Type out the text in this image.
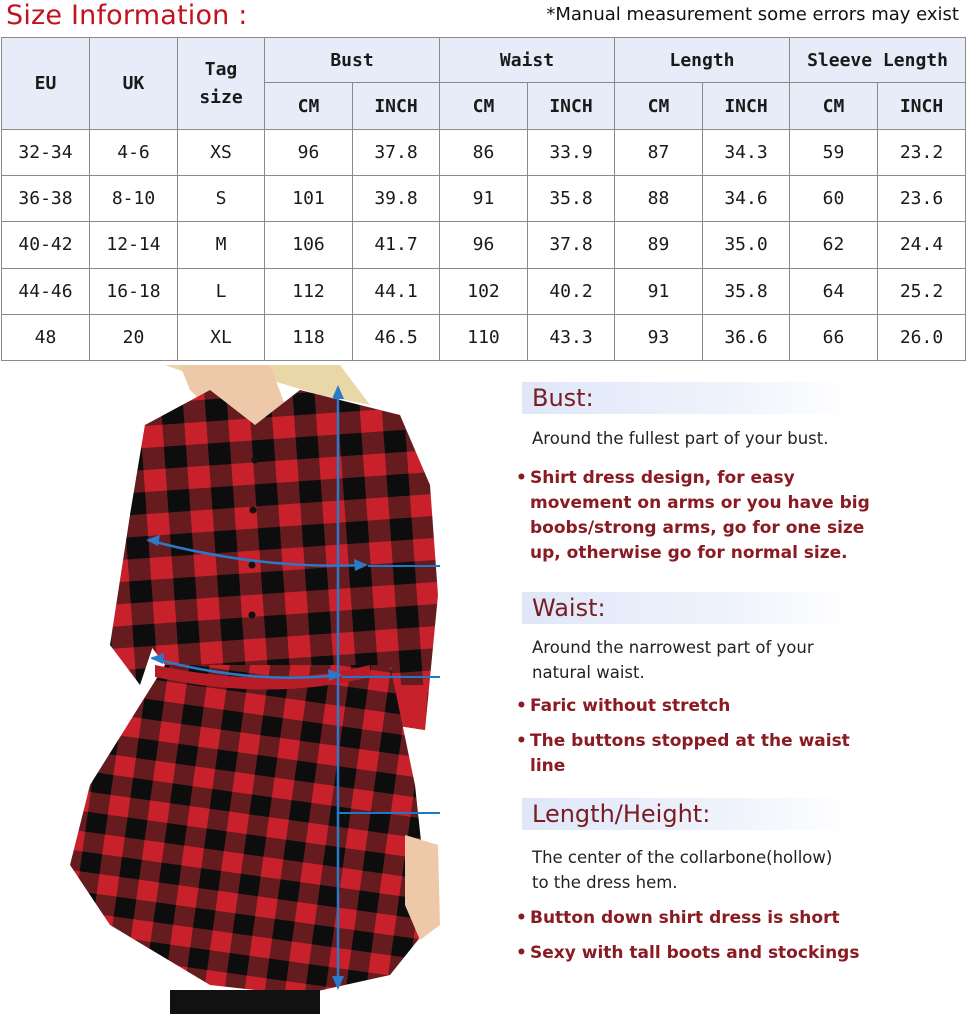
Size Information :	*Manual measurement some errors may exist
EU	UK	Tag size	Bust		Waist		Length		Sleeve Length	
			CM	INCH	CM	INCH	CM	INCH	CM	INCH
32-34	4-6	XS	96	37.8	86	33.9	87	34.3	59	23.2
36-38	8-10	S	101	39.8	91	35.8	88	34.6	60	23.6
40-42	12-14	M	106	41.7	96	37.8	89	35.0	62	24.4
44-46	16-18	L	112	44.1	102	40.2	91	35.8	64	25.2
48	20	XL	118	46.5	110	43.3	93	36.6	66	26.0
Bust:
Around the fullest part of your bust.
• Shirt dress design, for easy movement on arms or you have big boobs/strong arms, go for one size up, otherwise go for normal size.
Waist:
Around the narrowest part of your natural waist.
• Faric without stretch
• The buttons stopped at the waist line
Length/Height:
The center of the collarbone(hollow) to the dress hem.
• Button down shirt dress is short
• Sexy with tall boots and stockings
